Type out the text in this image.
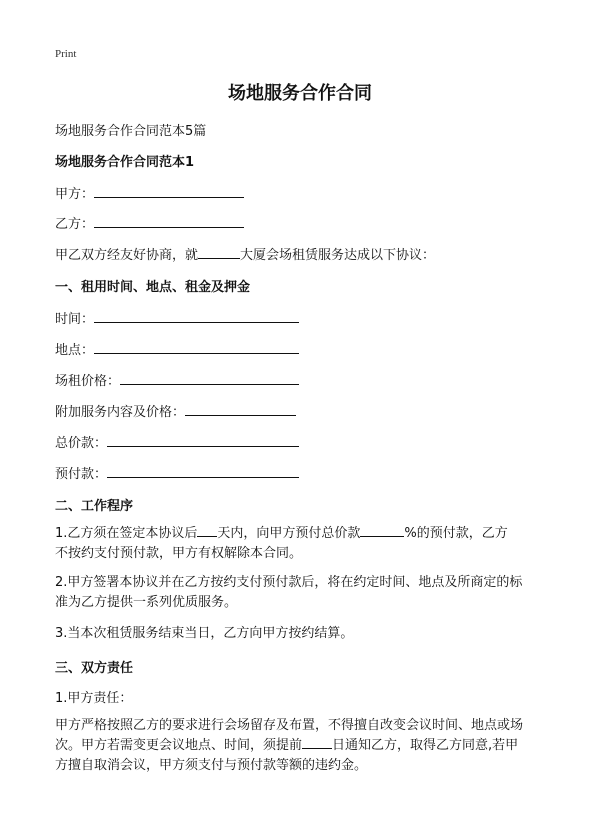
Print
场地服务合作合同
场地服务合作合同范本5篇
场地服务合作合同范本1
甲方：
乙方：
甲乙双方经友好协商，就	大厦会场租赁服务达成以下协议：
一、租用时间、地点、租金及押金
时间：
地点：
场租价格：
附加服务内容及价格：
总价款：
预付款：
二、工作程序
1.乙方须在签定本协议后 天内，向甲方预付总价款	%的预付款，乙方
不按约支付预付款，甲方有权解除本合同。
2.甲方签署本协议并在乙方按约支付预付款后，将在约定时间、地点及所商定的标
准为乙方提供一系列优质服务。
3.当本次租赁服务结束当日，乙方向甲方按约结算。
三、双方责任
1.甲方责任：
甲方严格按照乙方的要求进行会场留存及布置，不得擅自改变会议时间、地点或场
次。甲方若需变更会议地点、时间，须提前 日通知乙方，取得乙方同意,若甲
方擅自取消会议，甲方须支付与预付款等额的违约金。
